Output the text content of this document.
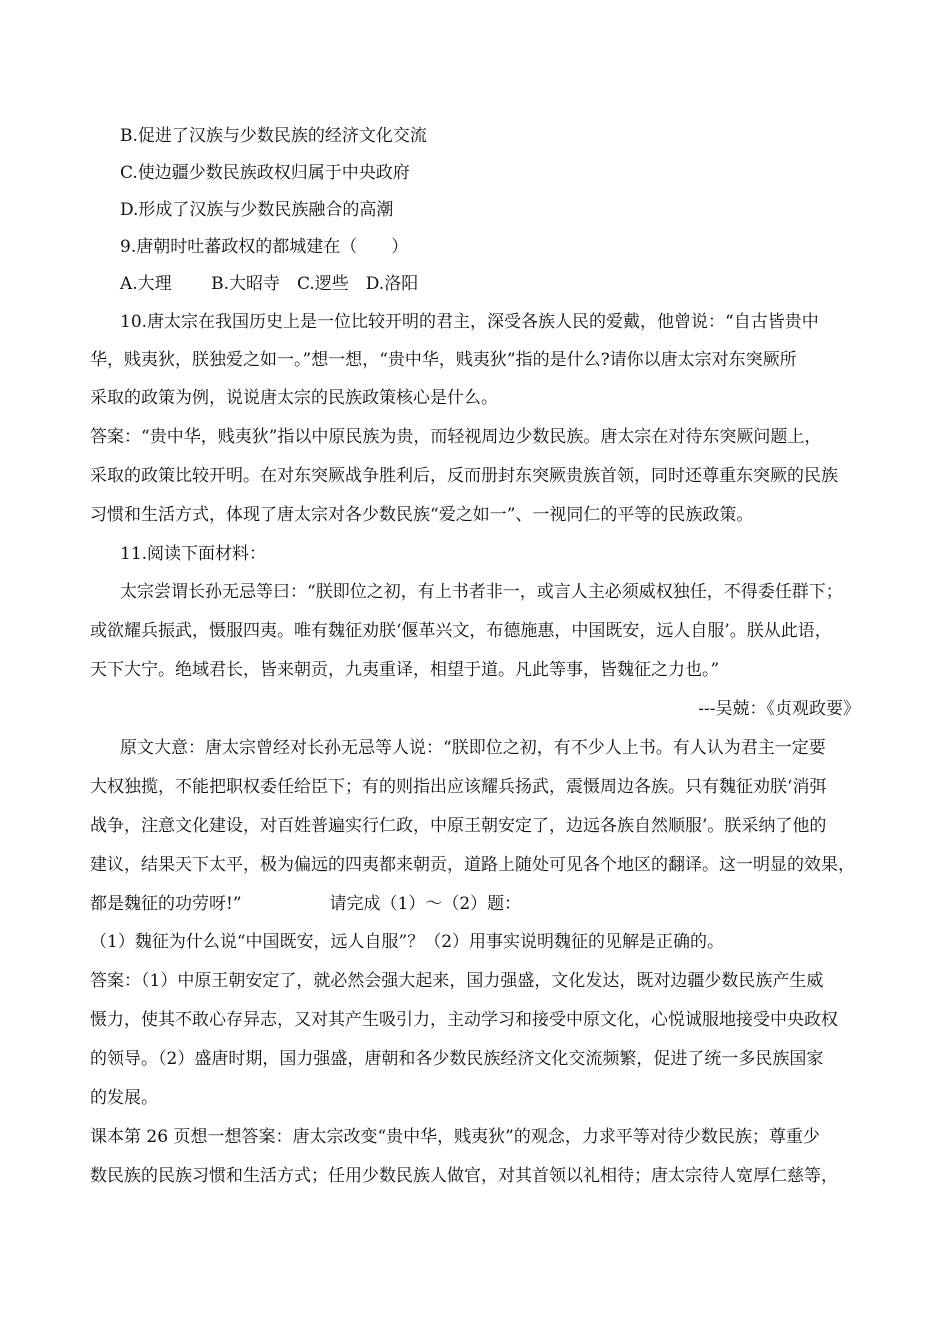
B.促进了汉族与少数民族的经济文化交流
C.使边疆少数民族政权归属于中央政府
D.形成了汉族与少数民族融合的高潮
9.唐朝时吐蕃政权的都城建在（　　）
A.大理　　 B.大昭寺　C.逻些　D.洛阳
10.唐太宗在我国历史上是一位比较开明的君主，深受各族人民的爱戴，他曾说：“自古皆贵中
华，贱夷狄，朕独爱之如一。”想一想，“贵中华，贱夷狄”指的是什么?请你以唐太宗对东突厥所
采取的政策为例，说说唐太宗的民族政策核心是什么。
答案：“贵中华，贱夷狄”指以中原民族为贵，而轻视周边少数民族。唐太宗在对待东突厥问题上，
采取的政策比较开明。在对东突厥战争胜利后，反而册封东突厥贵族首领，同时还尊重东突厥的民族
习惯和生活方式，体现了唐太宗对各少数民族“爱之如一”、一视同仁的平等的民族政策。
11.阅读下面材料：
太宗尝谓长孙无忌等曰：“朕即位之初，有上书者非一，或言人主必须威权独任，不得委任群下；
或欲耀兵振武，慑服四夷。唯有魏征劝朕‘偃革兴文，布德施惠，中国既安，远人自服’。朕从此语，
天下大宁。绝域君长，皆来朝贡，九夷重译，相望于道。凡此等事，皆魏征之力也。”
---吴兢：《贞观政要》
原文大意：唐太宗曾经对长孙无忌等人说：“朕即位之初，有不少人上书。有人认为君主一定要
大权独揽，不能把职权委任给臣下；有的则指出应该耀兵扬武，震慑周边各族。只有魏征劝朕‘消弭
战争，注意文化建设，对百姓普遍实行仁政，中原王朝安定了，边远各族自然顺服’。朕采纳了他的
建议，结果天下太平，极为偏远的四夷都来朝贡，道路上随处可见各个地区的翻译。这一明显的效果，
都是魏征的功劳呀!”	请完成（1）～（2）题：
（1）魏征为什么说“中国既安，远人自服”？（2）用事实说明魏征的见解是正确的。
答案：（1）中原王朝安定了，就必然会强大起来，国力强盛，文化发达，既对边疆少数民族产生威
慑力，使其不敢心存异志，又对其产生吸引力，主动学习和接受中原文化，心悦诚服地接受中央政权
的领导。（2）盛唐时期，国力强盛，唐朝和各少数民族经济文化交流频繁，促进了统一多民族国家
的发展。
课本第 26 页想一想答案：唐太宗改变“贵中华，贱夷狄”的观念，力求平等对待少数民族；尊重少
数民族的民族习惯和生活方式；任用少数民族人做官，对其首领以礼相待；唐太宗待人宽厚仁慈等，
